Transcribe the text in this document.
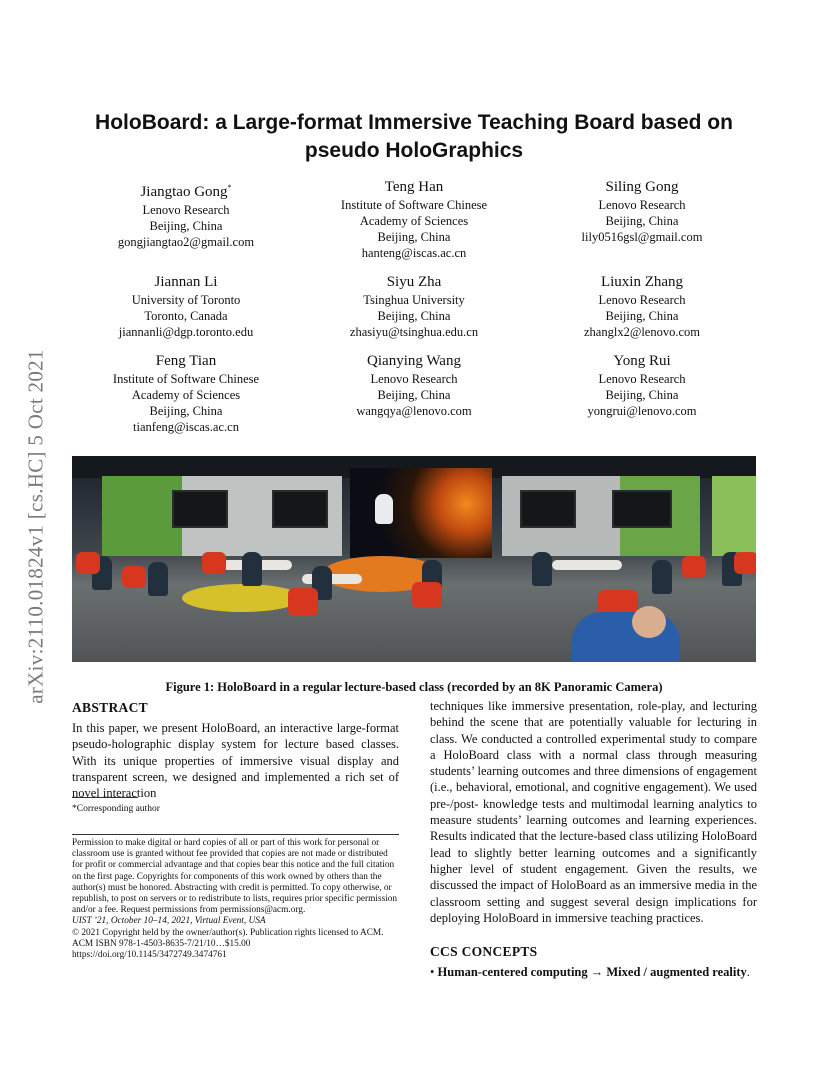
arXiv:2110.01824v1 [cs.HC] 5 Oct 2021
HoloBoard: a Large-format Immersive Teaching Board based on pseudo HoloGraphics
Jiangtao Gong*
Lenovo Research
Beijing, China
gongjiangtao2@gmail.com
Teng Han
Institute of Software Chinese
Academy of Sciences
Beijing, China
hanteng@iscas.ac.cn
Siling Gong
Lenovo Research
Beijing, China
lily0516gsl@gmail.com
Jiannan Li
University of Toronto
Toronto, Canada
jiannanli@dgp.toronto.edu
Siyu Zha
Tsinghua University
Beijing, China
zhasiyu@tsinghua.edu.cn
Liuxin Zhang
Lenovo Research
Beijing, China
zhanglx2@lenovo.com
Feng Tian
Institute of Software Chinese
Academy of Sciences
Beijing, China
tianfeng@iscas.ac.cn
Qianying Wang
Lenovo Research
Beijing, China
wangqya@lenovo.com
Yong Rui
Lenovo Research
Beijing, China
yongrui@lenovo.com
Figure 1: HoloBoard in a regular lecture-based class (recorded by an 8K Panoramic Camera)
ABSTRACT

In this paper, we present HoloBoard, an interactive large-format pseudo-holographic display system for lecture based classes. With its unique properties of immersive visual display and transparent screen, we designed and implemented a rich set of novel interaction

*Corresponding author

Permission to make digital or hard copies of all or part of this work for personal or classroom use is granted without fee provided that copies are not made or distributed for profit or commercial advantage and that copies bear this notice and the full citation on the first page. Copyrights for components of this work owned by others than the author(s) must be honored. Abstracting with credit is permitted. To copy otherwise, or republish, to post on servers or to redistribute to lists, requires prior specific permission and/or a fee. Request permissions from permissions@acm.org.

UIST ’21, October 10–14, 2021, Virtual Event, USA

© 2021 Copyright held by the owner/author(s). Publication rights licensed to ACM.

ACM ISBN 978-1-4503-8635-7/21/10…$15.00

https://doi.org/10.1145/3472749.3474761

techniques like immersive presentation, role-play, and lecturing behind the scene that are potentially valuable for lecturing in class. We conducted a controlled experimental study to compare a HoloBoard class with a normal class through measuring students’ learning outcomes and three dimensions of engagement (i.e., behavioral, emotional, and cognitive engagement). We used pre-/post- knowledge tests and multimodal learning analytics to measure students’ learning outcomes and learning experiences. Results indicated that the lecture-based class utilizing HoloBoard lead to slightly better learning outcomes and a significantly higher level of student engagement. Given the results, we discussed the impact of HoloBoard as an immersive media in the classroom setting and suggest several design implications for deploying HoloBoard in immersive teaching practices.

CCS CONCEPTS
• Human-centered computing → Mixed / augmented reality.
